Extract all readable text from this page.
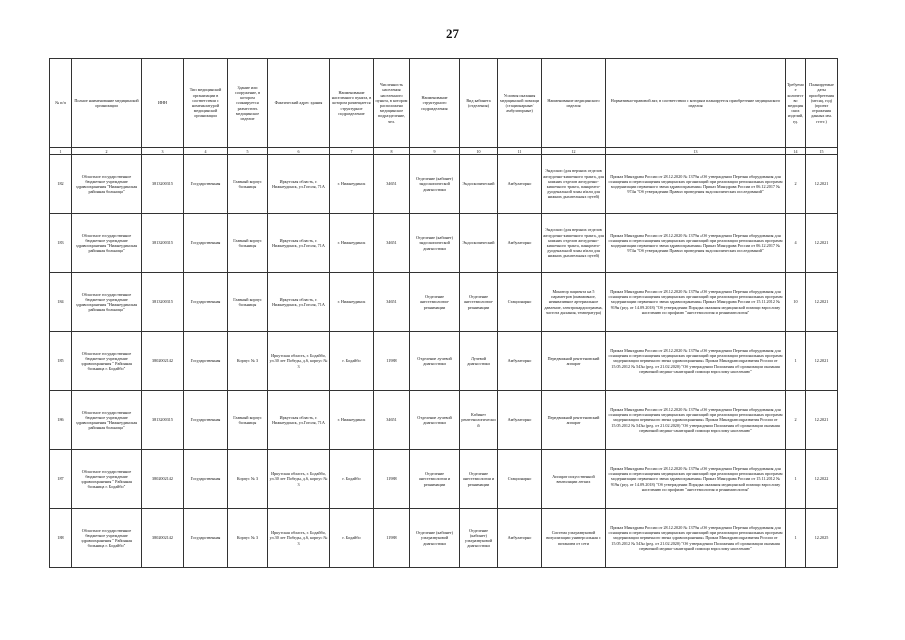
27
№ п/п	Полное наименование медицинской организации	ИНН	Тип медицинской организации в соответствии с номенклатурой медицинской организации	Здание или сооружение, в котором планируется разместить медицинское изделие	Фактический адрес здания	Наименование населенного пункта, в котором размещается структурное подразделение	Численность населения населенного пункта, в котором расположено медицинское подразделение, чел.	Наименование структурного подразделения	Вид кабинета (отделения)	Условия оказания медицинской помощи (стационарные/амбулаторные)	Наименование медицинского изделия	Нормативно-правовой акт, в соответствии с которым планируется приобретение медицинского изделия	Требуемое количество медицинских изделий, ед.	Планируемые даты приобретения (месяц, год) (проект отражения данных мм. ггггг.)
1	2	3	4	5	6	7	8	9	10	11	12	13	14	15
182	Областное государственное бюджетное учреждение здравоохранения "Нижнеудинская районная больница"	3813200315	Государственная	Главный корпус больницы	Иркутская область, г. Нижнеудинск, ул.Гоголя, 71А	г. Нижнеудинск	34651	Отделение (кабинет) эндоскопической диагностики	Эндоскопический	Амбулаторно	Эндоскоп (для верхних отделов желудочно-кишечного тракта, для нижних отделов желудочно-кишечного тракта, панкреато-дуоденальной зоны и/или для нижних дыхательных путей)	Приказ Минздрава России от 28.12.2020 № 1379н «Об утверждении Перечня оборудования для оснащения и переоснащения медицинских организаций при реализации региональных программ модернизации первичного звена здравоохранения» Приказ Минздрава России от 06.12.2017 № 974н "Об утверждении Правил проведения эндоскопических исследований"	2	12.2021
183	Областное государственное бюджетное учреждение здравоохранения "Нижнеудинская районная больница"	3813200315	Государственная	Главный корпус больницы	Иркутская область, г. Нижнеудинск, ул.Гоголя, 71А	г. Нижнеудинск	34651	Отделение (кабинет) эндоскопической диагностики	Эндоскопический	Амбулаторно	Эндоскоп (для верхних отделов желудочно-кишечного тракта, для нижних отделов желудочно-кишечного тракта, панкреато-дуоденальной зоны и/или для нижних дыхательных путей)	Приказ Минздрава России от 28.12.2020 № 1379н «Об утверждении Перечня оборудования для оснащения и переоснащения медицинских организаций при реализации региональных программ модернизации первичного звена здравоохранения» Приказ Минздрава России от 06.12.2017 № 974н "Об утверждении Правил проведения эндоскопических исследований"	4	12.2021
184	Областное государственное бюджетное учреждение здравоохранения "Нижнеудинская районная больница"	3813200315	Государственная	Главный корпус больницы	Иркутская область, г. Нижнеудинск, ул.Гоголя, 71А	г. Нижнеудинск	34651	Отделение анестезиологии-реанимации	Отделение анестезиологии-реанимации	Стационарно	Монитор пациента на 5 параметров (инвазивное, неинвазивное артериальное давление, электрокардиограмма, частота дыхания, температура)	Приказ Минздрава России от 28.12.2020 № 1379н «Об утверждении Перечня оборудования для оснащения и переоснащения медицинских организаций при реализации региональных программ модернизации первичного звена здравоохранения» Приказ Минздрава России от 15.11.2012 № 919н (ред. от 14.09.2018) "Об утверждении Порядка оказания медицинской помощи взрослому населению по профилю "анестезиология и реаниматология"	10	12.2021
185	Областное государственное бюджетное учреждение здравоохранения " Районная больница г. Бодайбо"	3802002142	Государственная	Корпус № 3	Иркутская область, г. Бодайбо, ул.30 лет Победы, д.6, корпус № 3	г. Бодайбо	11988	Отделение лучевой диагностики	Лучевой диагностики	Амбулаторно	Передвижной рентгеновский аппарат	Приказ Минздрава России от 28.12.2020 № 1379н «Об утверждении Перечня оборудования для оснащения и переоснащения медицинских организаций при реализации региональных программ модернизации первичного звена здравоохранения» Приказ Минздравсоцразвития России от 15.05.2012 № 543н (ред. от 21.02.2020) "Об утверждении Положения об организации оказания первичной медико-санитарной помощи взрослому населению"	1	12.2021
186	Областное государственное бюджетное учреждение здравоохранения "Нижнеудинская районная больница"	3813200315	Государственная	Главный корпус больницы	Иркутская область, г. Нижнеудинск, ул.Гоголя, 71А	г. Нижнеудинск	34651	Отделение лучевой диагностики	Кабинет рентгенологический	Амбулаторно	Передвижной рентгеновский аппарат	Приказ Минздрава России от 28.12.2020 № 1379н «Об утверждении Перечня оборудования для оснащения и переоснащения медицинских организаций при реализации региональных программ модернизации первичного звена здравоохранения» Приказ Минздравсоцразвития России от 15.05.2012 № 543н (ред. от 21.02.2020) "Об утверждении Положения об организации оказания первичной медико-санитарной помощи взрослому населению"	2	12.2021
187	Областное государственное бюджетное учреждение здравоохранения " Районная больница г. Бодайбо"	3802002142	Государственная	Корпус № 3	Иркутская область, г. Бодайбо, ул.30 лет Победы, д.6, корпус № 3	г. Бодайбо	11988	Отделение анестезиологии и реанимации	Отделение анестезиологии и реанимации	Стационарно	Аппарат искусственной вентиляции легких	Приказ Минздрава России от 28.12.2020 № 1379н «Об утверждении Перечня оборудования для оснащения и переоснащения медицинских организаций при реализации региональных программ модернизации первичного звена здравоохранения» Приказ Минздрава России от 15.11.2012 № 919н (ред. от 14.09.2018) "Об утверждении Порядка оказания медицинской помощи взрослому населению по профилю "анестезиология и реаниматология"	1	12.2022
188	Областное государственное бюджетное учреждение здравоохранения " Районная больница г. Бодайбо"	3802002142	Государственная	Корпус № 3	Иркутская область, г. Бодайбо, ул.30 лет Победы, д.6, корпус № 3	г. Бодайбо	11988	Отделение (кабинет) ультразвуковой диагностики	Отделение (кабинет) ультразвуковой диагностики	Амбулаторно	Система ультразвуковой визуализации универсальная с питанием от сети	Приказ Минздрава России от 28.12.2020 № 1379н «Об утверждении Перечня оборудования для оснащения и переоснащения медицинских организаций при реализации региональных программ модернизации первичного звена здравоохранения» Приказ Минздравсоцразвития России от 15.05.2012 № 543н (ред. от 21.02.2020) "Об утверждении Положения об организации оказания первичной медико-санитарной помощи взрослому населению"	1	12.2025
